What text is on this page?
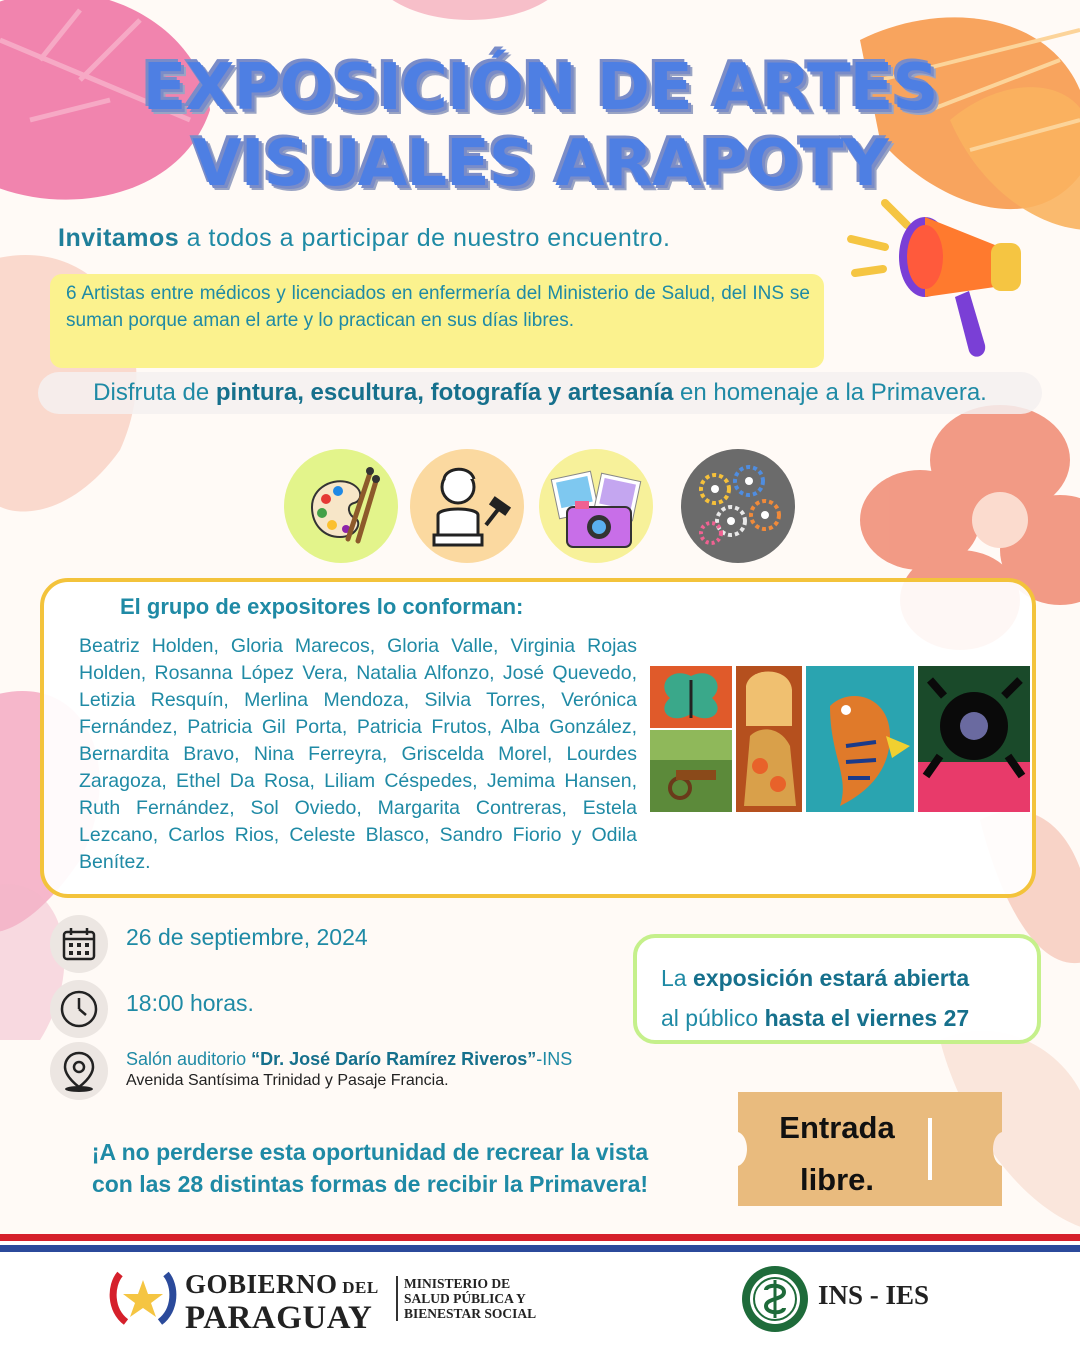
EXPOSICIÓN DE ARTES
VISUALES ARAPOTY
Invitamos a todos a participar de nuestro encuentro.
6 Artistas entre médicos y licenciados en enfermería del Ministerio de Salud, del INS se suman porque aman el arte y lo practican en sus días libres.
Disfruta de pintura, escultura, fotografía y artesanía en homenaje a la Primavera.
El grupo de expositores lo conforman:
Beatriz Holden, Gloria Marecos, Gloria Valle, Virginia Rojas Holden, Rosanna López Vera, Natalia Alfonzo, José Quevedo, Letizia Resquín, Merlina Mendoza, Silvia Torres, Verónica Fernández, Patricia Gil Porta, Patricia Frutos, Alba González, Bernardita Bravo, Nina Ferreyra, Griscelda Morel, Lourdes Zaragoza, Ethel Da Rosa, Liliam Céspedes, Jemima Hansen, Ruth Fernández, Sol Oviedo, Margarita Contreras, Estela Lezcano, Carlos Rios, Celeste Blasco, Sandro Fiorio y Odila Benítez.
26 de septiembre, 2024
18:00 horas.
Salón auditorio “Dr. José Darío Ramírez Riveros”-INS
Avenida Santísima Trinidad y Pasaje Francia.
La exposición estará abierta
al público hasta el viernes 27
¡A no perderse esta oportunidad de recrear la vista
con las 28 distintas formas de recibir la Primavera!
Entrada
libre.
GOBIERNO DEL
PARAGUAY
MINISTERIO DE
SALUD PÚBLICA Y
BIENESTAR SOCIAL
INS - IES
